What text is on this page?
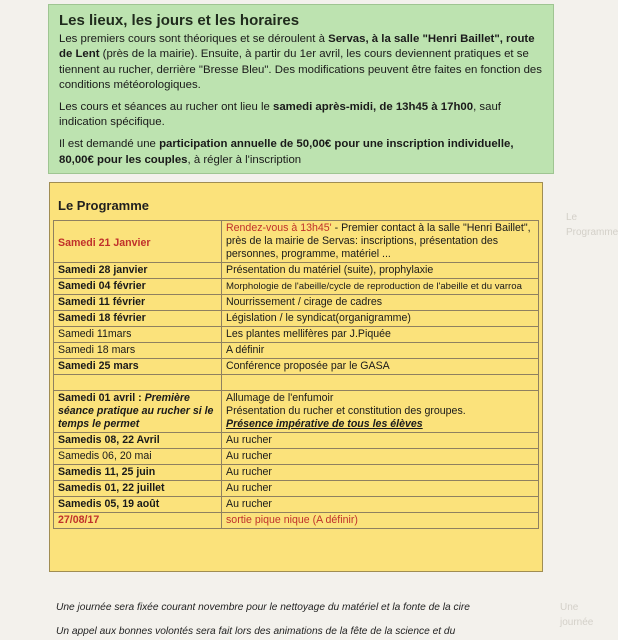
Le Programme
Une journée
Les lieux, les jours et les horaires

Les premiers cours sont théoriques et se déroulent à Servas, à la salle "Henri Baillet", route de Lent (près de la mairie). Ensuite, à partir du 1er avril, les cours deviennent pratiques et se tiennent au rucher, derrière "Bresse Bleu". Des modifications peuvent être faites en fonction des conditions météorologiques.

Les cours et séances au rucher ont lieu le samedi après-midi, de 13h45 à 17h00, sauf indication spécifique.

Il est demandé une participation annuelle de 50,00€ pour une inscription individuelle, 80,00€ pour les couples, à régler à l'inscription

Le Programme
Samedi 21 Janvier	Rendez-vous à 13h45' - Premier contact à la salle "Henri Baillet", près de la mairie de Servas: inscriptions, présentation des personnes, programme, matériel ...
Samedi 28 janvier	Présentation du matériel (suite), prophylaxie
Samedi 04 février	Morphologie de l'abeille/cycle de reproduction de l'abeille et du varroa
Samedi 11 février	Nourrissement / cirage de cadres
Samedi 18 février	Législation / le syndicat(organigramme)
Samedi 11mars	Les plantes mellifères par J.Piquée
Samedi 18 mars	A définir
Samedi 25 mars	Conférence proposée par le GASA

Samedi 01 avril : Première séance pratique au rucher si le temps le permet	Allumage de l'enfumoir
Présentation du rucher et constitution des groupes.
Présence impérative de tous les élèves

Samedis 08, 22 Avril	Au rucher
Samedis 06, 20 mai	Au rucher
Samedis 11, 25 juin	Au rucher
Samedis 01, 22 juillet	Au rucher
Samedis 05, 19 août	Au rucher
27/08/17	sortie pique nique (A définir)
Une journée sera fixée courant novembre pour le nettoyage du matériel et la fonte de la cire
Un appel aux bonnes volontés sera fait lors des animations de la fête de la science et du
